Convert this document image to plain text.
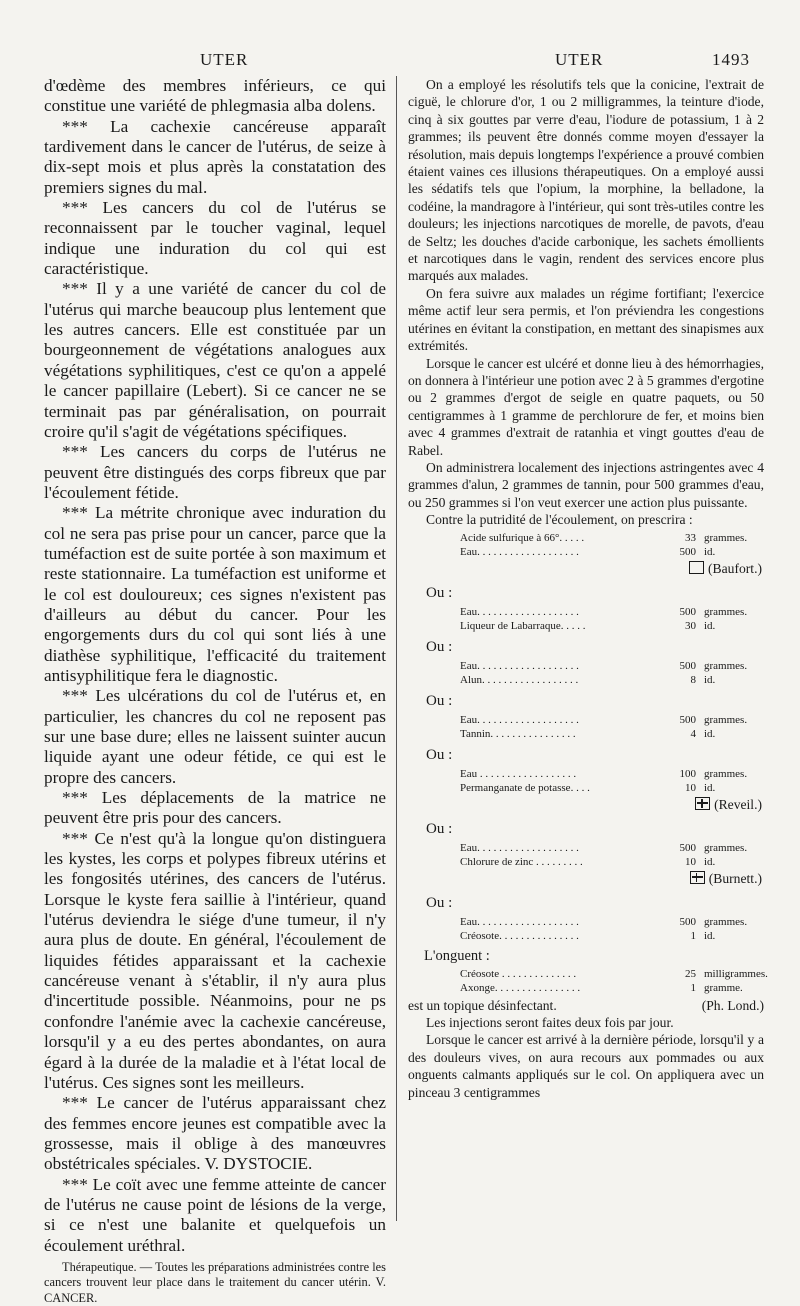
UTER	UTER	1493

d'œdème des membres inférieurs, ce qui constitue une variété de phlegmasia alba dolens.

*** La cachexie cancéreuse apparaît tardivement dans le cancer de l'utérus, de seize à dix-sept mois et plus après la constatation des premiers signes du mal.

*** Les cancers du col de l'utérus se reconnaissent par le toucher vaginal, lequel indique une induration du col qui est caractéristique.

*** Il y a une variété de cancer du col de l'utérus qui marche beaucoup plus lentement que les autres cancers. Elle est constituée par un bourgeonnement de végétations analogues aux végétations syphilitiques, c'est ce qu'on a appelé le cancer papillaire (Lebert). Si ce cancer ne se terminait pas par généralisation, on pourrait croire qu'il s'agit de végétations spécifiques.

*** Les cancers du corps de l'utérus ne peuvent être distingués des corps fibreux que par l'écoulement fétide.

*** La métrite chronique avec induration du col ne sera pas prise pour un cancer, parce que la tuméfaction est de suite portée à son maximum et reste stationnaire. La tuméfaction est uniforme et le col est douloureux; ces signes n'existent pas d'ailleurs au début du cancer. Pour les engorgements durs du col qui sont liés à une diathèse syphilitique, l'efficacité du traitement antisyphilitique fera le diagnostic.

*** Les ulcérations du col de l'utérus et, en particulier, les chancres du col ne reposent pas sur une base dure; elles ne laissent suinter aucun liquide ayant une odeur fétide, ce qui est le propre des cancers.

*** Les déplacements de la matrice ne peuvent être pris pour des cancers.

*** Ce n'est qu'à la longue qu'on distinguera les kystes, les corps et polypes fibreux utérins et les fongosités utérines, des cancers de l'utérus. Lorsque le kyste fera saillie à l'intérieur, quand l'utérus deviendra le siége d'une tumeur, il n'y aura plus de doute. En général, l'écoulement de liquides fétides apparaissant et la cachexie cancéreuse venant à s'établir, il n'y aura plus d'incertitude possible. Néanmoins, pour ne ps confondre l'anémie avec la cachexie cancéreuse, lorsqu'il y a eu des pertes abondantes, on aura égard à la durée de la maladie et à l'état local de l'utérus. Ces signes sont les meilleurs.

*** Le cancer de l'utérus apparaissant chez des femmes encore jeunes est compatible avec la grossesse, mais il oblige à des manœuvres obstétricales spéciales. V. DYSTOCIE.

*** Le coït avec une femme atteinte de cancer de l'utérus ne cause point de lésions de la verge, si ce n'est une balanite et quelquefois un écoulement uréthral.

Thérapeutique. — Toutes les préparations administrées contre les cancers trouvent leur place dans le traitement du cancer utérin. V. CANCER.

On a employé les résolutifs tels que la conicine, l'extrait de ciguë, le chlorure d'or, 1 ou 2 milligrammes, la teinture d'iode, cinq à six gouttes par verre d'eau, l'iodure de potassium, 1 à 2 grammes; ils peuvent être donnés comme moyen d'essayer la résolution, mais depuis longtemps l'expérience a prouvé combien étaient vaines ces illusions thérapeutiques. On a employé aussi les sédatifs tels que l'opium, la morphine, la belladone, la codéine, la mandragore à l'intérieur, qui sont très-utiles contre les douleurs; les injections narcotiques de morelle, de pavots, d'eau de Seltz; les douches d'acide carbonique, les sachets émollients et narcotiques dans le vagin, rendent des services encore plus marqués aux malades.

On fera suivre aux malades un régime fortifiant; l'exercice même actif leur sera permis, et l'on préviendra les congestions utérines en évitant la constipation, en mettant des sinapismes aux extrémités.

Lorsque le cancer est ulcéré et donne lieu à des hémorrhagies, on donnera à l'intérieur une potion avec 2 à 5 grammes d'ergotine ou 2 grammes d'ergot de seigle en quatre paquets, ou 50 centigrammes à 1 gramme de perchlorure de fer, et moins bien avec 4 grammes d'extrait de ratanhia et vingt gouttes d'eau de Rabel.

On administrera localement des injections astringentes avec 4 grammes d'alun, 2 grammes de tannin, pour 500 grammes d'eau, ou 250 grammes si l'on veut exercer une action plus puissante.

Contre la putridité de l'écoulement, on prescrira :

Acide sulfurique à 66°. . . . .	33 grammes.
Eau. . . . . . . . . . . . . . . . . . .	500 id.
(Baufort.)
Ou :
Eau. . . . . . . . . . . . . . . . . . .	500 grammes.
Liqueur de Labarraque. . . . .	30 id.
Ou :
Eau. . . . . . . . . . . . . . . . . . .	500 grammes.
Alun. . . . . . . . . . . . . . . . . .	8 id.
Ou :
Eau. . . . . . . . . . . . . . . . . . .	500 grammes.
Tannin. . . . . . . . . . . . . . . .	4 id.
Ou :
Eau . . . . . . . . . . . . . . . . . .	100 grammes.
Permanganate de potasse. . . .	10 id.
(Reveil.)
Ou :
Eau. . . . . . . . . . . . . . . . . . .	500 grammes.
Chlorure de zinc . . . . . . . . .	10 id.
(Burnett.)
Ou :
Eau. . . . . . . . . . . . . . . . . . .	500 grammes.
Créosote. . . . . . . . . . . . . . .	1 id.
L'onguent :
Créosote . . . . . . . . . . . . . .	25 milligrammes.
Axonge. . . . . . . . . . . . . . . .	1 gramme.

est un topique désinfectant.	(Ph. Lond.)

Les injections seront faites deux fois par jour.

Lorsque le cancer est arrivé à la dernière période, lorsqu'il y a des douleurs vives, on aura recours aux pommades ou aux onguents calmants appliqués sur le col. On appliquera avec un pinceau 3 centigrammes
